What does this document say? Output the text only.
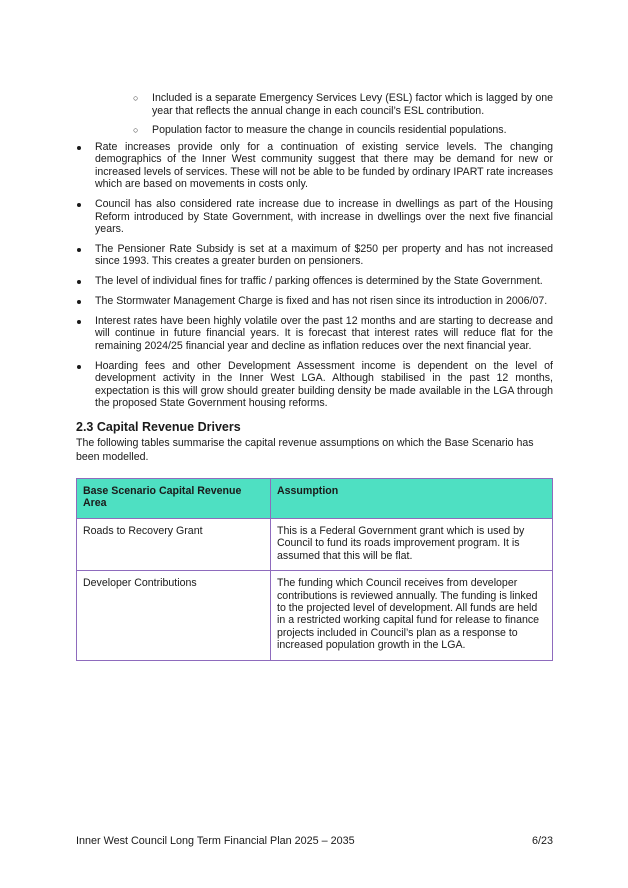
○ Included is a separate Emergency Services Levy (ESL) factor which is lagged by one year that reflects the annual change in each council’s ESL contribution.
○ Population factor to measure the change in councils residential populations.
Rate increases provide only for a continuation of existing service levels. The changing demographics of the Inner West community suggest that there may be demand for new or increased levels of services. These will not be able to be funded by ordinary IPART rate increases which are based on movements in costs only.
Council has also considered rate increase due to increase in dwellings as part of the Housing Reform introduced by State Government, with increase in dwellings over the next five financial years.
The Pensioner Rate Subsidy is set at a maximum of $250 per property and has not increased since 1993. This creates a greater burden on pensioners.
The level of individual fines for traffic / parking offences is determined by the State Government.
The Stormwater Management Charge is fixed and has not risen since its introduction in 2006/07.
Interest rates have been highly volatile over the past 12 months and are starting to decrease and will continue in future financial years. It is forecast that interest rates will reduce flat for the remaining 2024/25 financial year and decline as inflation reduces over the next financial year.
Hoarding fees and other Development Assessment income is dependent on the level of development activity in the Inner West LGA. Although stabilised in the past 12 months, expectation is this will grow should greater building density be made available in the LGA through the proposed State Government housing reforms.
2.3 Capital Revenue Drivers

The following tables summarise the capital revenue assumptions on which the Base Scenario has been modelled.

Base Scenario Capital Revenue Area	Assumption
Roads to Recovery Grant	This is a Federal Government grant which is used by Council to fund its roads improvement program. It is assumed that this will be flat.
Developer Contributions	The funding which Council receives from developer contributions is reviewed annually. The funding is linked to the projected level of development. All funds are held in a restricted working capital fund for release to finance projects included in Council’s plan as a response to increased population growth in the LGA.
Inner West Council Long Term Financial Plan 2025 – 2035	6/23
